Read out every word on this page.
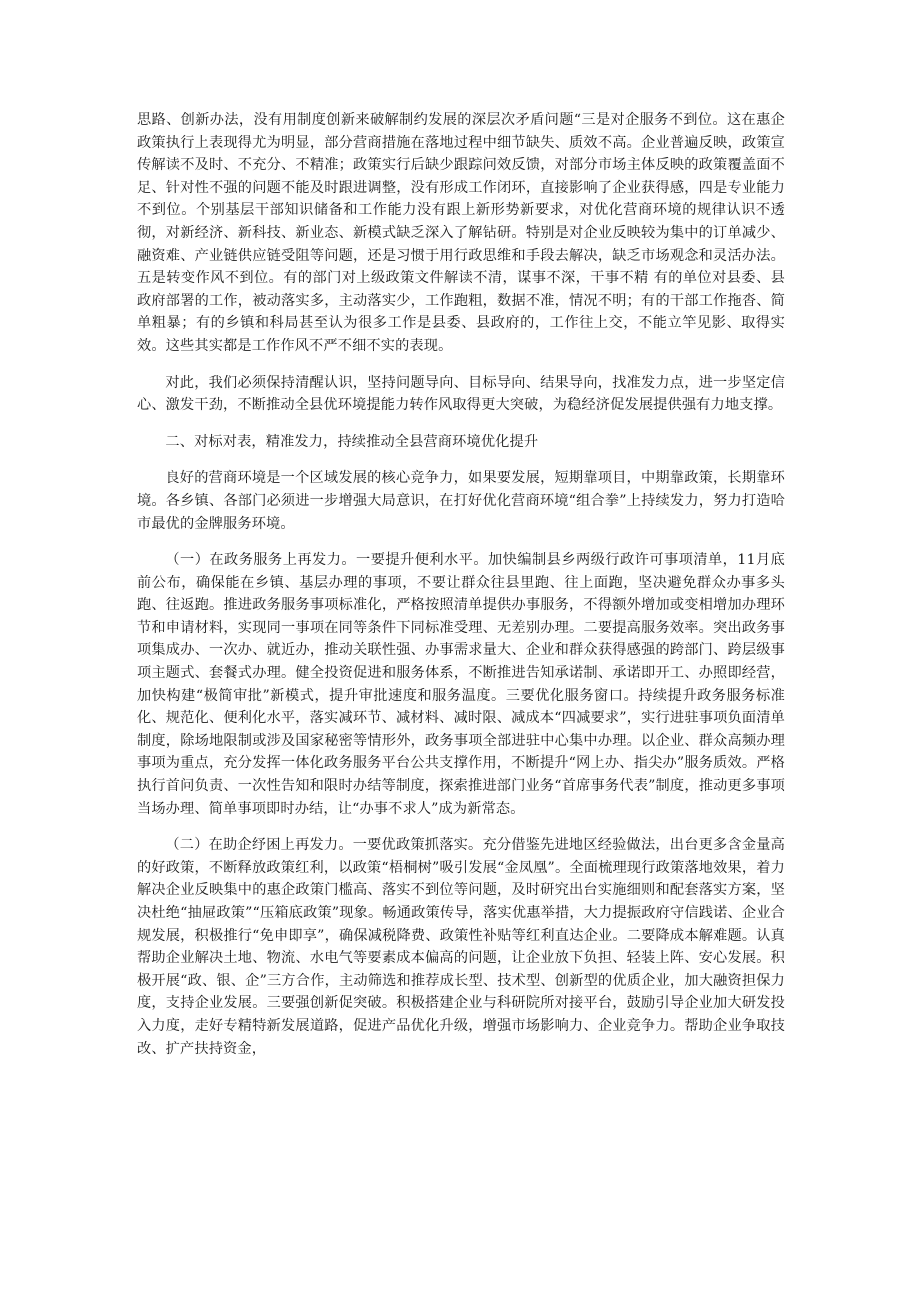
思路、创新办法，没有用制度创新来破解制约发展的深层次矛盾问题“三是对企服务不到位。这在惠企政策执行上表现得尤为明显，部分营商措施在落地过程中细节缺失、质效不高。企业普遍反映，政策宣传解读不及时、不充分、不精准；政策实行后缺少跟踪问效反馈，对部分市场主体反映的政策覆盖面不足、针对性不强的问题不能及时跟进调整，没有形成工作闭环，直接影响了企业获得感，四是专业能力不到位。个别基层干部知识储备和工作能力没有跟上新形势新要求，对优化营商环境的规律认识不透彻，对新经济、新科技、新业态、新模式缺乏深入了解钻研。特别是对企业反映较为集中的订单减少、融资难、产业链供应链受阻等问题，还是习惯于用行政思维和手段去解决，缺乏市场观念和灵活办法。五是转变作风不到位。有的部门对上级政策文件解读不清，谋事不深，干事不精 有的单位对县委、县政府部署的工作，被动落实多，主动落实少，工作跑粗，数据不准，情况不明；有的干部工作拖沓、简单粗暴；有的乡镇和科局甚至认为很多工作是县委、县政府的，工作往上交，不能立竿见影、取得实效。这些其实都是工作作风不严不细不实的表现。

对此，我们必须保持清醒认识，坚持问题导向、目标导向、结果导向，找准发力点，进一步坚定信心、激发干劲，不断推动全县优环境提能力转作风取得更大突破，为稳经济促发展提供强有力地支撑。

二、对标对表，精准发力，持续推动全县营商环境优化提升

良好的营商环境是一个区域发展的核心竞争力，如果要发展，短期靠项目，中期靠政策，长期靠环境。各乡镇、各部门必须进一步增强大局意识，在打好优化营商环境“组合拳”上持续发力，努力打造哈市最优的金牌服务环境。

（一）在政务服务上再发力。一要提升便利水平。加快编制县乡两级行政许可事项清单，11月底前公布，确保能在乡镇、基层办理的事项，不要让群众往县里跑、往上面跑，坚决避免群众办事多头跑、往返跑。推进政务服务事项标准化，严格按照清单提供办事服务，不得额外增加或变相增加办理环节和申请材料，实现同一事项在同等条件下同标准受理、无差别办理。二要提高服务效率。突出政务事项集成办、一次办、就近办，推动关联性强、办事需求量大、企业和群众获得感强的跨部门、跨层级事项主题式、套餐式办理。健全投资促进和服务体系，不断推进告知承诺制、承诺即开工、办照即经营，加快构建“极简审批”新模式，提升审批速度和服务温度。三要优化服务窗口。持续提升政务服务标准化、规范化、便利化水平，落实减环节、减材料、减时限、减成本“四减要求”，实行进驻事项负面清单制度，除场地限制或涉及国家秘密等情形外，政务事项全部进驻中心集中办理。以企业、群众高频办理事项为重点，充分发挥一体化政务服务平台公共支撑作用，不断提升“网上办、指尖办”服务质效。严格执行首问负责、一次性告知和限时办结等制度，探索推进部门业务“首席事务代表”制度，推动更多事项当场办理、简单事项即时办结，让“办事不求人”成为新常态。

（二）在助企纾困上再发力。一要优政策抓落实。充分借鉴先进地区经验做法，出台更多含金量高的好政策，不断释放政策红利，以政策“梧桐树”吸引发展“金凤凰”。全面梳理现行政策落地效果，着力解决企业反映集中的惠企政策门槛高、落实不到位等问题，及时研究出台实施细则和配套落实方案，坚决杜绝“抽屉政策”“压箱底政策”现象。畅通政策传导，落实优惠举措，大力提振政府守信践诺、企业合规发展，积极推行“免申即享”，确保减税降费、政策性补贴等红利直达企业。二要降成本解难题。认真帮助企业解决土地、物流、水电气等要素成本偏高的问题，让企业放下负担、轻装上阵、安心发展。积极开展“政、银、企”三方合作，主动筛选和推荐成长型、技术型、创新型的优质企业，加大融资担保力度，支持企业发展。三要强创新促突破。积极搭建企业与科研院所对接平台，鼓励引导企业加大研发投入力度，走好专精特新发展道路，促进产品优化升级，增强市场影响力、企业竞争力。帮助企业争取技改、扩产扶持资金，
